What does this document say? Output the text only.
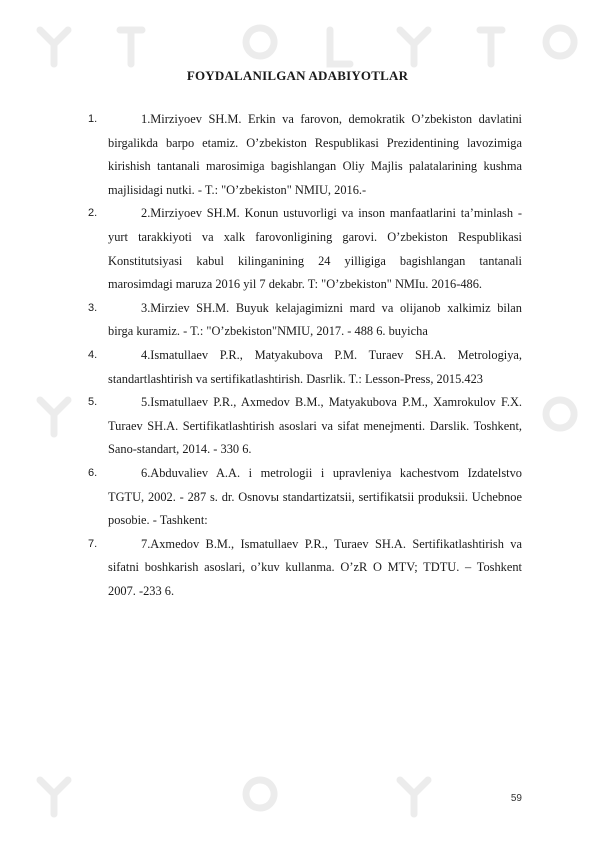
FOYDALANILGAN ADABIYOTLAR
1.	1.Mirziyoev SH.M. Erkin va farovon, demokratik O’zbekiston davlatini birgalikda barpo etamiz. O’zbekiston Respublikasi Prezidentining lavozimiga kirishish tantanali marosimiga bagishlangan Oliy Majlis palatalarining kushma majlisidagi nutki. - T.: "O’zbekiston" NMIU, 2016.-
2.	2.Mirziyoev SH.M. Konun ustuvorligi va inson manfaatlarini ta’minlash - yurt tarakkiyoti va xalk farovonligining garovi. O’zbekiston Respublikasi Konstitutsiyasi kabul kilinganining 24 yilligiga bagishlangan tantanali marosimdagi maruza 2016 yil 7 dekabr. T: "O’zbekiston" NMIu. 2016-486.
3.	3.Mirziev SH.M. Buyuk kelajagimizni mard va olijanob xalkimiz bilan birga kuramiz. - T.: "O’zbekiston"NMIU, 2017. - 488 6. buyicha
4.	4.Ismatullaev P.R., Matyakubova P.M. Turaev SH.A. Metrologiya, standartlashtirish va sertifikatlashtirish. Dasrlik. T.: Lesson-Press, 2015.423
5.	5.Ismatullaev P.R., Axmedov B.M., Matyakubova P.M., Xamrokulov F.X. Turaev SH.A. Sertifikatlashtirish asoslari va sifat menejmenti. Darslik. Toshkent, Sano-standart, 2014. - 330 6.
6.	6.Abduvaliev A.A. i metrologii i upravleniya kachestvom Izdatelstvo TGTU, 2002. - 287 s. dr. Osnovы standartizatsii, sertifikatsii produksii. Uchebnoe posobie. - Tashkent:
7.	7.Axmedov B.M., Ismatullaev P.R., Turaev SH.A. Sertifikatlashtirish va sifatni boshkarish asoslari, o’kuv kullanma. O’zR O MTV; TDTU. – Toshkent 2007. -233 6.
59
